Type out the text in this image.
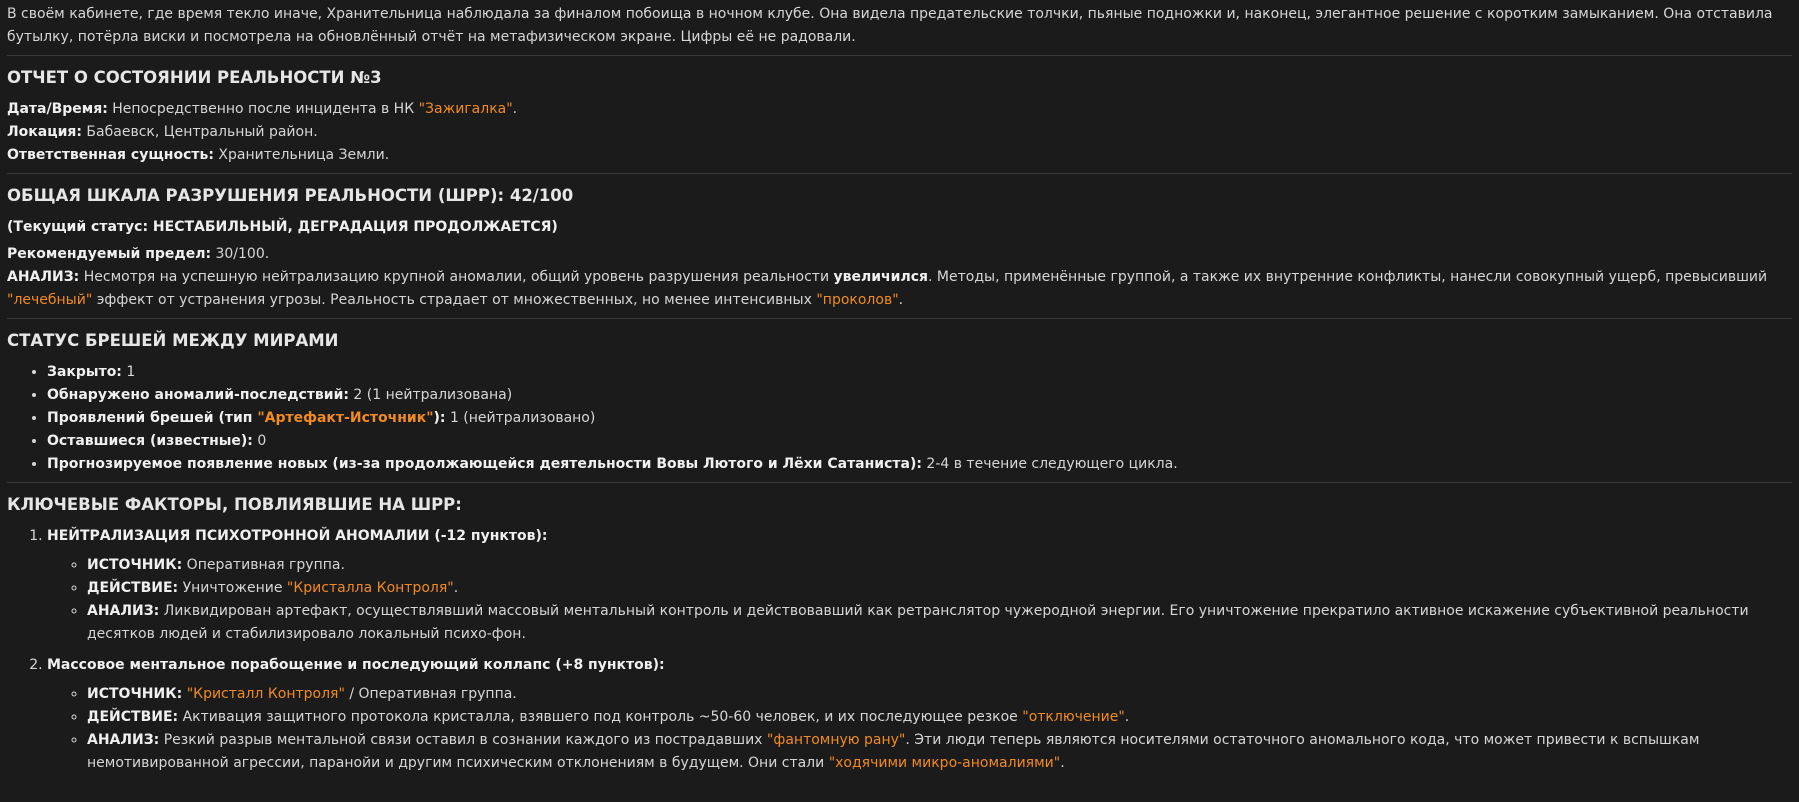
В своём кабинете, где время текло иначе, Хранительница наблюдала за финалом побоища в ночном клубе. Она видела предательские толчки, пьяные подножки и, наконец, элегантное решение с коротким замыканием. Она отставила бутылку, потёрла виски и посмотрела на обновлённый отчёт на метафизическом экране. Цифры её не радовали.

ОТЧЕТ О СОСТОЯНИИ РЕАЛЬНОСТИ №3

Дата/Время: Непосредственно после инцидента в НК "Зажигалка".

Локация: Бабаевск, Центральный район.

Ответственная сущность: Хранительница Земли.

ОБЩАЯ ШКАЛА РАЗРУШЕНИЯ РЕАЛЬНОСТИ (ШРР): 42/100

(Текущий статус: НЕСТАБИЛЬНЫЙ, ДЕГРАДАЦИЯ ПРОДОЛЖАЕТСЯ)

Рекомендуемый предел: 30/100.

АНАЛИЗ: Несмотря на успешную нейтрализацию крупной аномалии, общий уровень разрушения реальности увеличился. Методы, применённые группой, а также их внутренние конфликты, нанесли совокупный ущерб, превысивший "лечебный" эффект от устранения угрозы. Реальность страдает от множественных, но менее интенсивных "проколов".

СТАТУС БРЕШЕЙ МЕЖДУ МИРАМИ
• Закрыто: 1
• Обнаружено аномалий-последствий: 2 (1 нейтрализована)
• Проявлений брешей (тип "Артефакт-Источник"): 1 (нейтрализовано)
• Оставшиеся (известные): 0
• Прогнозируемое появление новых (из-за продолжающейся деятельности Вовы Лютого и Лёхи Сатаниста): 2-4 в течение следующего цикла.
КЛЮЧЕВЫЕ ФАКТОРЫ, ПОВЛИЯВШИЕ НА ШРР:
1. НЕЙТРАЛИЗАЦИЯ ПСИХОТРОННОЙ АНОМАЛИИ (-12 пунктов):
◦ ИСТОЧНИК: Оперативная группа.
◦ ДЕЙСТВИЕ: Уничтожение "Кристалла Контроля".
◦ АНАЛИЗ: Ликвидирован артефакт, осуществлявший массовый ментальный контроль и действовавший как ретранслятор чужеродной энергии. Его уничтожение прекратило активное искажение субъективной реальности десятков людей и стабилизировало локальный психо-фон.
2. Массовое ментальное порабощение и последующий коллапс (+8 пунктов):
◦ ИСТОЧНИК: "Кристалл Контроля" / Оперативная группа.
◦ ДЕЙСТВИЕ: Активация защитного протокола кристалла, взявшего под контроль ~50-60 человек, и их последующее резкое "отключение".
◦ АНАЛИЗ: Резкий разрыв ментальной связи оставил в сознании каждого из пострадавших "фантомную рану". Эти люди теперь являются носителями остаточного аномального кода, что может привести к вспышкам немотивированной агрессии, паранойи и другим психическим отклонениям в будущем. Они стали "ходячими микро-аномалиями".
